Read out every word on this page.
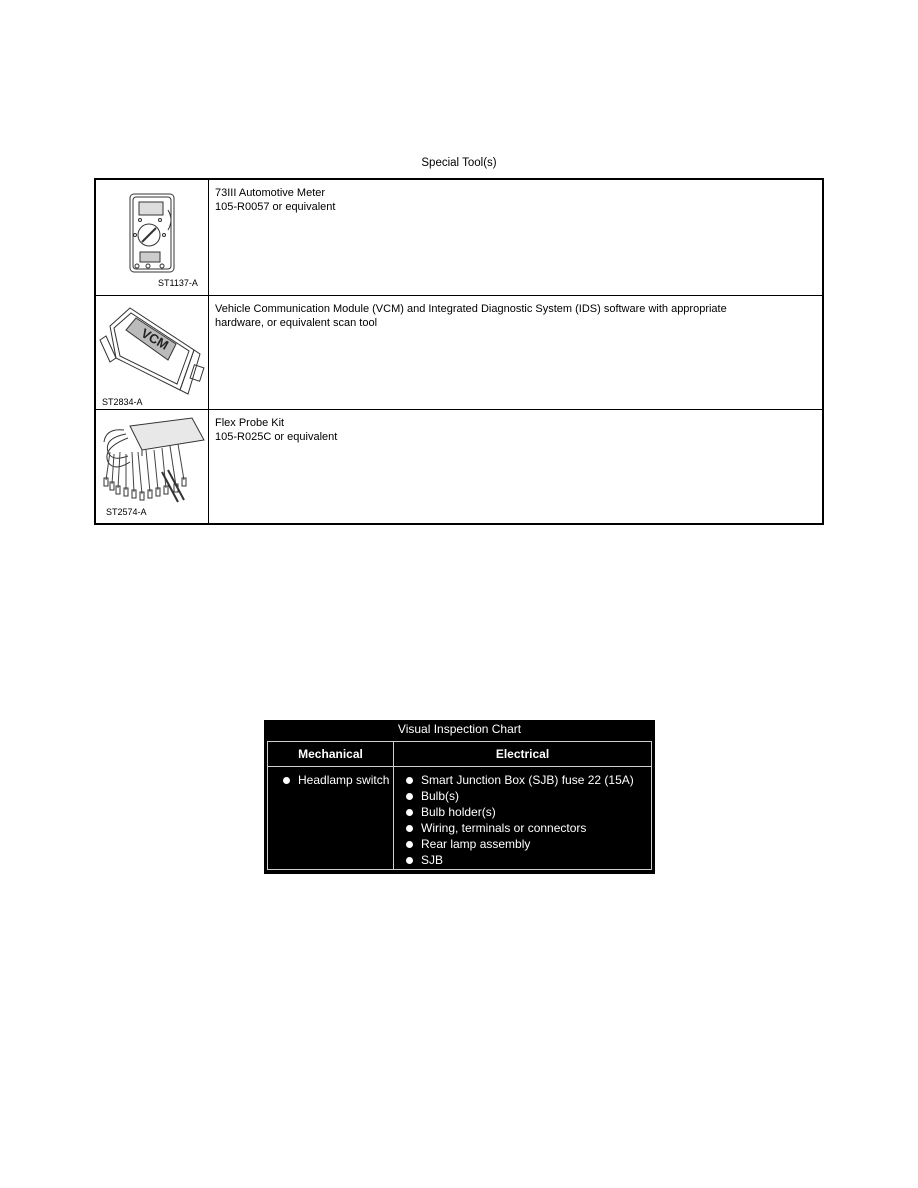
Special Tool(s)
ST1137-A
73III Automotive Meter
105-R0057 or equivalent
VCM
ST2834-A
Vehicle Communication Module (VCM) and Integrated Diagnostic System (IDS) software with appropriate
hardware, or equivalent scan tool
ST2574-A
Flex Probe Kit
105-R025C or equivalent
Visual Inspection Chart
Mechanical	Electrical
Headlamp switch	Smart Junction Box (SJB) fuse 22 (15A)
Bulb(s)
Bulb holder(s)
Wiring, terminals or connectors
Rear lamp assembly
SJB
